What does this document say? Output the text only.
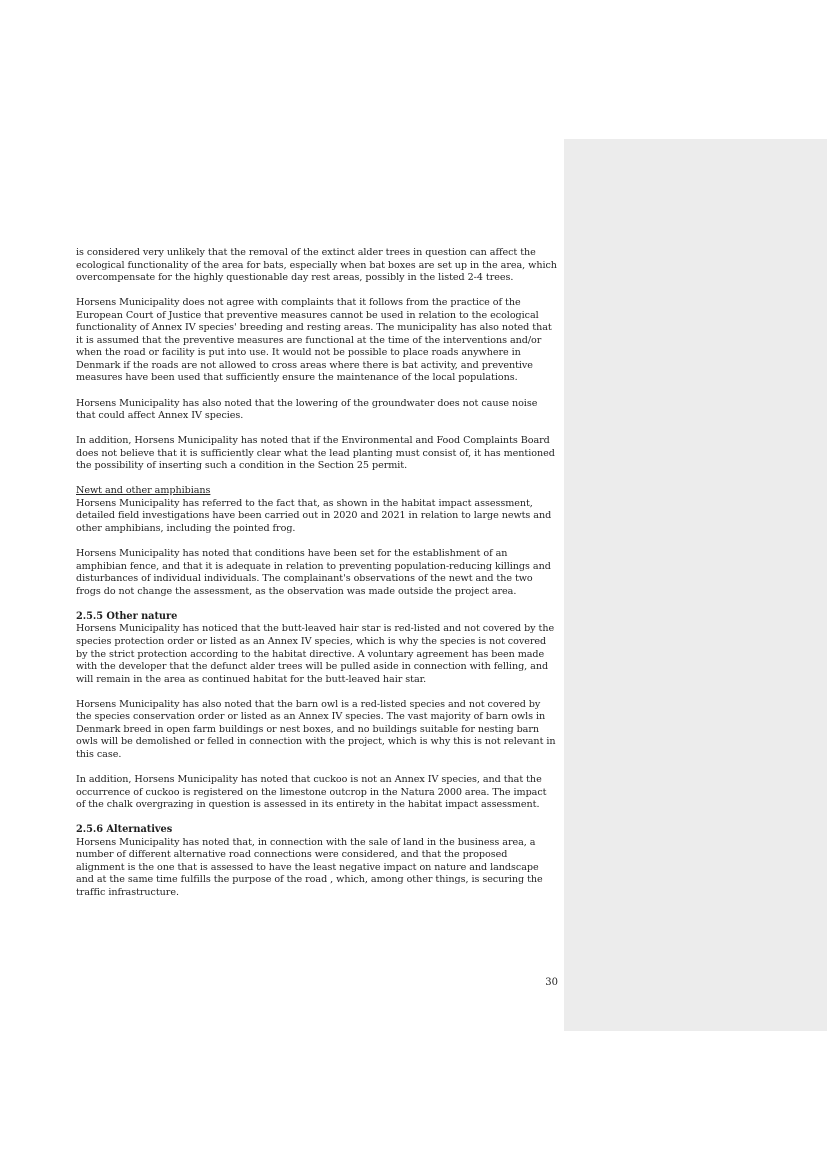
is considered very unlikely that the removal of the extinct alder trees in question can affect the ecological functionality of the area for bats, especially when bat boxes are set up in the area, which overcompensate for the highly questionable day rest areas, possibly in the listed 2-4 trees.

Horsens Municipality does not agree with complaints that it follows from the practice of the European Court of Justice that preventive measures cannot be used in relation to the ecological functionality of Annex IV species' breeding and resting areas. The municipality has also noted that it is assumed that the preventive measures are functional at the time of the interventions and/or when the road or facility is put into use. It would not be possible to place roads anywhere in Denmark if the roads are not allowed to cross areas where there is bat activity, and preventive measures have been used that sufficiently ensure the maintenance of the local populations.

Horsens Municipality has also noted that the lowering of the groundwater does not cause noise that could affect Annex IV species.

In addition, Horsens Municipality has noted that if the Environmental and Food Complaints Board does not believe that it is sufficiently clear what the lead planting must consist of, it has mentioned the possibility of inserting such a condition in the Section 25 permit.

Newt and other amphibians

Horsens Municipality has referred to the fact that, as shown in the habitat impact assessment, detailed field investigations have been carried out in 2020 and 2021 in relation to large newts and other amphibians, including the pointed frog.

Horsens Municipality has noted that conditions have been set for the establishment of an amphibian fence, and that it is adequate in relation to preventing population-reducing killings and disturbances of individual individuals. The complainant's observations of the newt and the two frogs do not change the assessment, as the observation was made outside the project area.

2.5.5 Other nature

Horsens Municipality has noticed that the butt-leaved hair star is red-listed and not covered by the species protection order or listed as an Annex IV species, which is why the species is not covered by the strict protection according to the habitat directive. A voluntary agreement has been made with the developer that the defunct alder trees will be pulled aside in connection with felling, and will remain in the area as continued habitat for the butt-leaved hair star.

Horsens Municipality has also noted that the barn owl is a red-listed species and not covered by the species conservation order or listed as an Annex IV species. The vast majority of barn owls in Denmark breed in open farm buildings or nest boxes, and no buildings suitable for nesting barn owls will be demolished or felled in connection with the project, which is why this is not relevant in this case.

In addition, Horsens Municipality has noted that cuckoo is not an Annex IV species, and that the occurrence of cuckoo is registered on the limestone outcrop in the Natura 2000 area. The impact of the chalk overgrazing in question is assessed in its entirety in the habitat impact assessment.

2.5.6 Alternatives

Horsens Municipality has noted that, in connection with the sale of land in the business area, a number of different alternative road connections were considered, and that the proposed alignment is the one that is assessed to have the least negative impact on nature and landscape and at the same time fulfills the purpose of the road , which, among other things, is securing the traffic infrastructure.

30
